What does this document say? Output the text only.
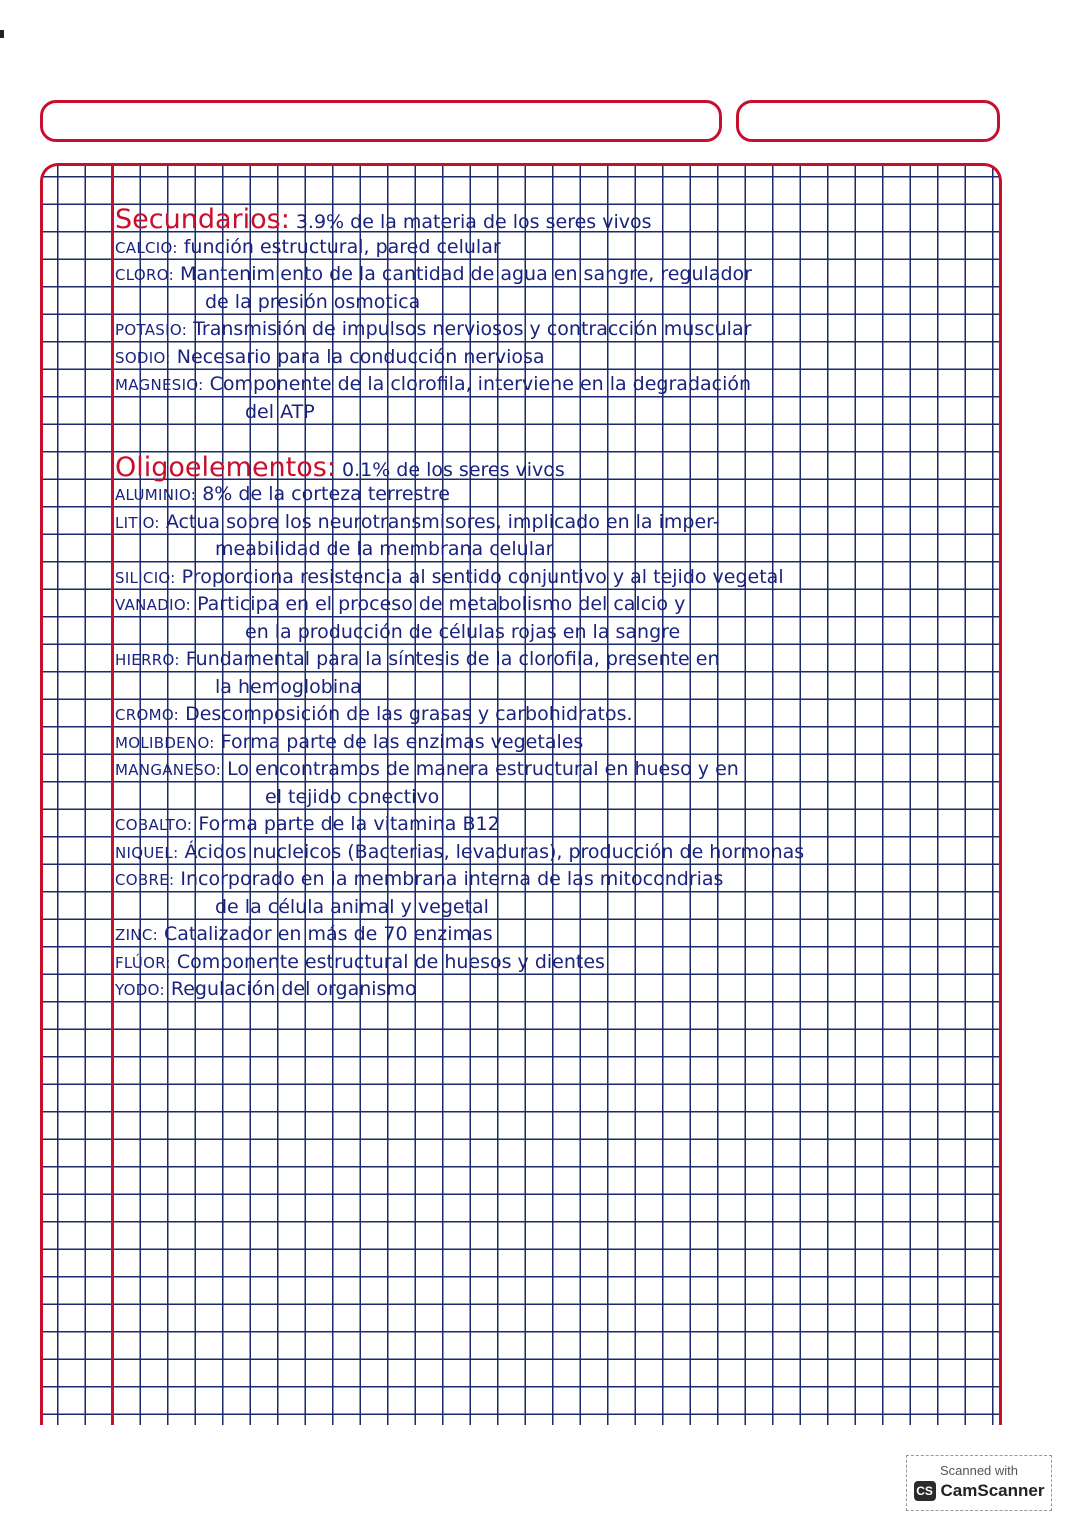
Secundarios: 3.9% de la materia de los seres vivos
CALCIO: función estructural, pared celular
CLORO: Mantenimiento de la cantidad de agua en sangre, regulador
de la presión osmotica
POTASIO: Transmisión de impulsos nerviosos y contracción muscular
SODIO: Necesario para la conducción nerviosa
MAGNESIO: Componente de la clorofila, interviene en la degradación
del ATP
Oligoelementos: 0.1% de los seres vivos
ALUMINIO: 8% de la corteza terrestre
LITIO: Actua sobre los neurotransmisores, implicado en la imper-
meabilidad de la membrana celular
SILICIO: Proporciona resistencia al sentido conjuntivo y al tejido vegetal
VANADIO: Participa en el proceso de metabolismo del calcio y
en la producción de células rojas en la sangre
HIERRO: Fundamental para la síntesis de la clorofila, presente en
la hemoglobina
CROMO: Descomposición de las grasas y carbohidratos.
MOLIBDENO: Forma parte de las enzimas vegetales
MANGANESO: Lo encontramos de manera estructural en hueso y en
el tejido conectivo
COBALTO: Forma parte de la vitamina B12
NIQUEL: Ácidos nucleicos (Bacterias, levaduras), producción de hormonas
COBRE: Incorporado en la membrana interna de las mitocondrias
de la célula animal y vegetal
ZINC: Catalizador en más de 70 enzimas
FLÚOR: Componente estructural de huesos y dientes
YODO: Regulación del organismo
Scanned with
CS CamScanner
